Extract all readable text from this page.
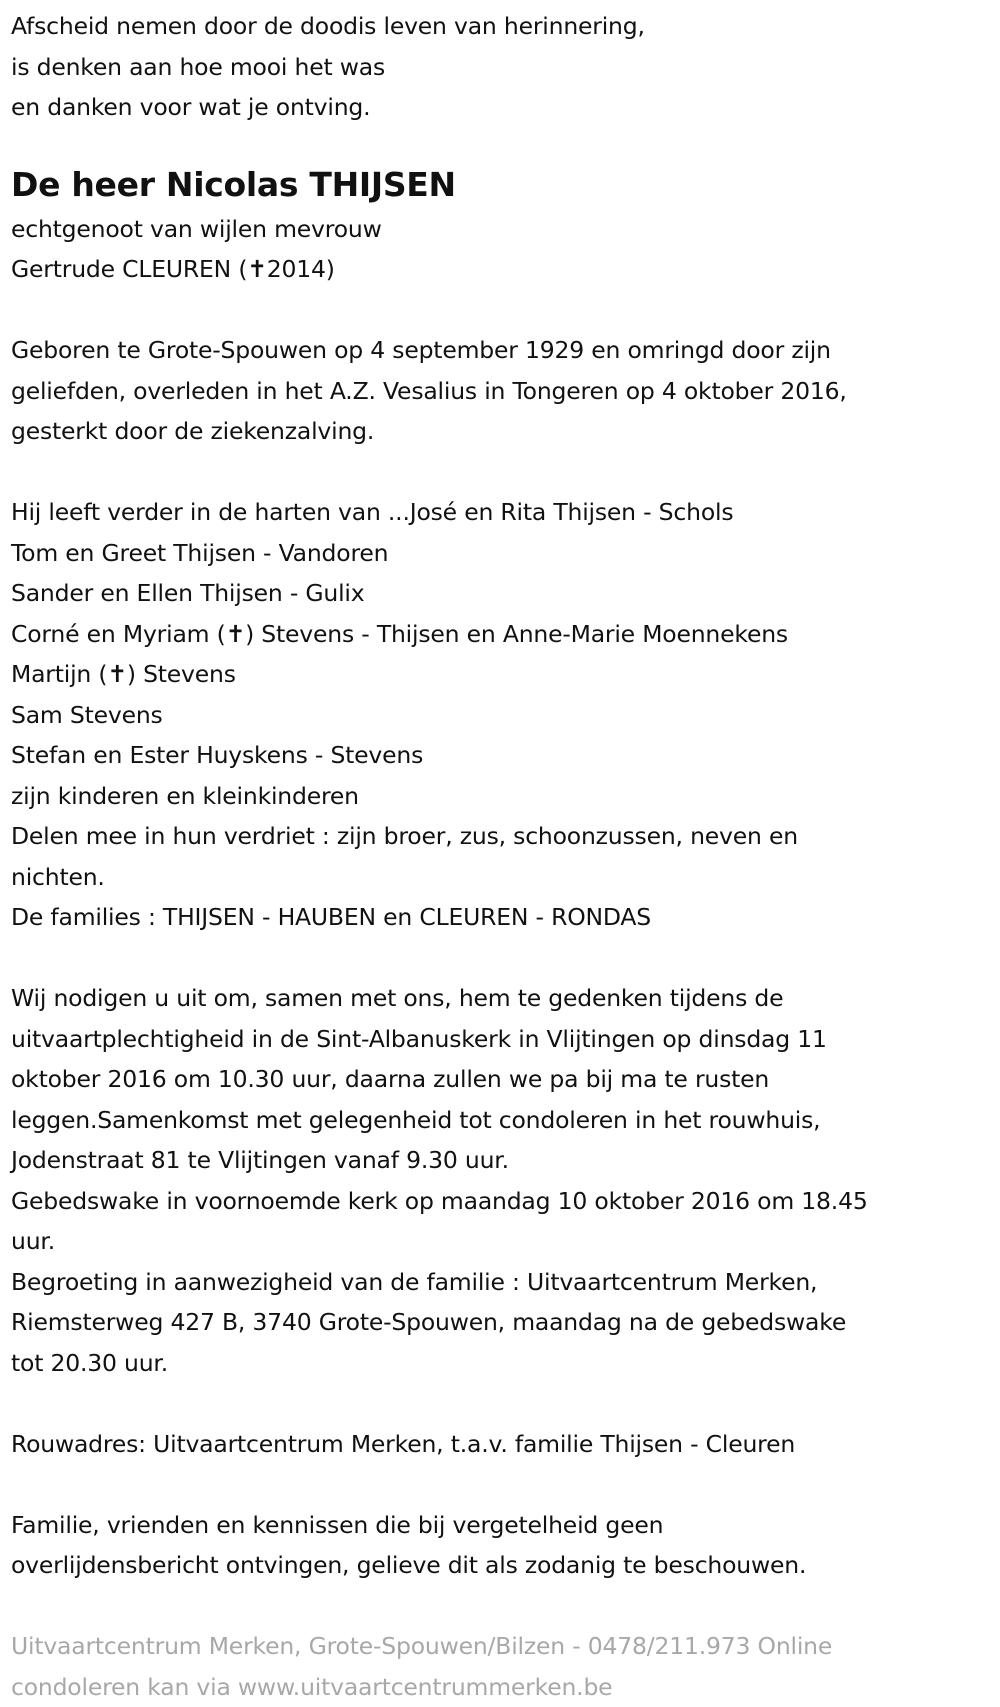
Afscheid nemen door de doodis leven van herinnering,
is denken aan hoe mooi het was
en danken voor wat je ontving.
De heer Nicolas THIJSEN
echtgenoot van wijlen mevrouw
Gertrude CLEUREN (✝2014)
Geboren te Grote-Spouwen op 4 september 1929 en omringd door zijn
geliefden, overleden in het A.Z. Vesalius in Tongeren op 4 oktober 2016,
gesterkt door de ziekenzalving.
Hij leeft verder in de harten van ...José en Rita Thijsen - Schols
Tom en Greet Thijsen - Vandoren
Sander en Ellen Thijsen - Gulix
Corné en Myriam (✝) Stevens - Thijsen en Anne-Marie Moennekens
Martijn (✝) Stevens
Sam Stevens
Stefan en Ester Huyskens - Stevens
zijn kinderen en kleinkinderen
Delen mee in hun verdriet : zijn broer, zus, schoonzussen, neven en
nichten.
De families : THIJSEN - HAUBEN en CLEUREN - RONDAS
Wij nodigen u uit om, samen met ons, hem te gedenken tijdens de
uitvaartplechtigheid in de Sint-Albanuskerk in Vlijtingen op dinsdag 11
oktober 2016 om 10.30 uur, daarna zullen we pa bij ma te rusten
leggen.Samenkomst met gelegenheid tot condoleren in het rouwhuis,
Jodenstraat 81 te Vlijtingen vanaf 9.30 uur.
Gebedswake in voornoemde kerk op maandag 10 oktober 2016 om 18.45
uur.
Begroeting in aanwezigheid van de familie : Uitvaartcentrum Merken,
Riemsterweg 427 B, 3740 Grote-Spouwen, maandag na de gebedswake
tot 20.30 uur.
Rouwadres: Uitvaartcentrum Merken, t.a.v. familie Thijsen - Cleuren
Familie, vrienden en kennissen die bij vergetelheid geen
overlijdensbericht ontvingen, gelieve dit als zodanig te beschouwen.
Uitvaartcentrum Merken, Grote-Spouwen/Bilzen - 0478/211.973 Online
condoleren kan via www.uitvaartcentrummerken.be
